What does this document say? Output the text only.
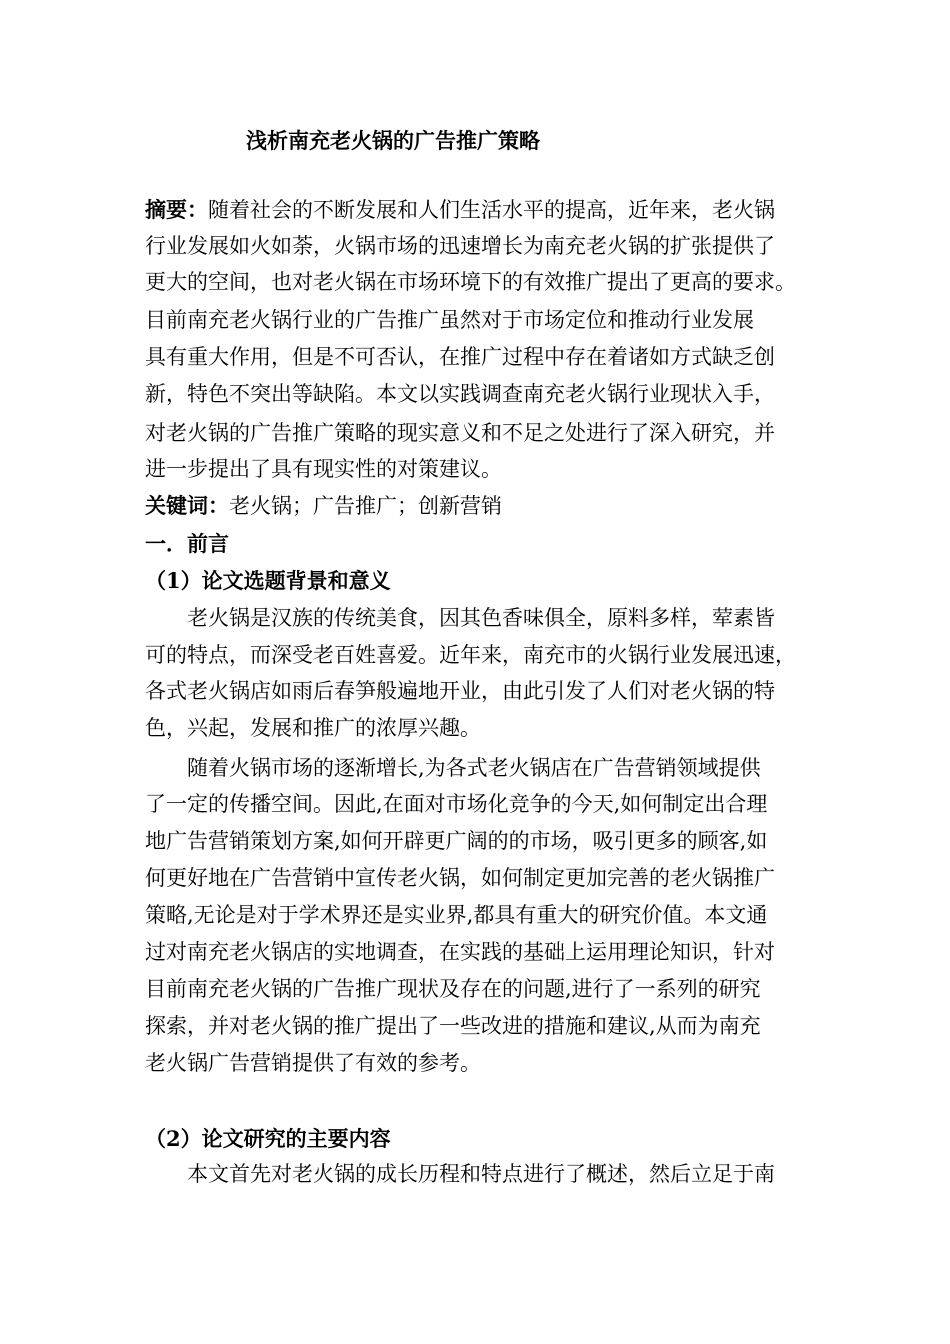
浅析南充老火锅的广告推广策略
摘要：随着社会的不断发展和人们生活水平的提高，近年来，老火锅
行业发展如火如荼，火锅市场的迅速增长为南充老火锅的扩张提供了
更大的空间，也对老火锅在市场环境下的有效推广提出了更高的要求。
目前南充老火锅行业的广告推广虽然对于市场定位和推动行业发展
具有重大作用，但是不可否认，在推广过程中存在着诸如方式缺乏创
新，特色不突出等缺陷。本文以实践调查南充老火锅行业现状入手，
对老火锅的广告推广策略的现实意义和不足之处进行了深入研究，并
进一步提出了具有现实性的对策建议。
关键词：老火锅；广告推广；创新营销
一．前言
（1）论文选题背景和意义
老火锅是汉族的传统美食，因其色香味俱全，原料多样，荤素皆
可的特点，而深受老百姓喜爱。近年来，南充市的火锅行业发展迅速，
各式老火锅店如雨后春笋般遍地开业，由此引发了人们对老火锅的特
色，兴起，发展和推广的浓厚兴趣。
随着火锅市场的逐渐增长,为各式老火锅店在广告营销领域提供
了一定的传播空间。因此,在面对市场化竞争的今天,如何制定出合理
地广告营销策划方案,如何开辟更广阔的的市场，吸引更多的顾客,如
何更好地在广告营销中宣传老火锅，如何制定更加完善的老火锅推广
策略,无论是对于学术界还是实业界,都具有重大的研究价值。本文通
过对南充老火锅店的实地调查，在实践的基础上运用理论知识，针对
目前南充老火锅的广告推广现状及存在的问题,进行了一系列的研究
探索，并对老火锅的推广提出了一些改进的措施和建议,从而为南充
老火锅广告营销提供了有效的参考。
（2）论文研究的主要内容
本文首先对老火锅的成长历程和特点进行了概述，然后立足于南
